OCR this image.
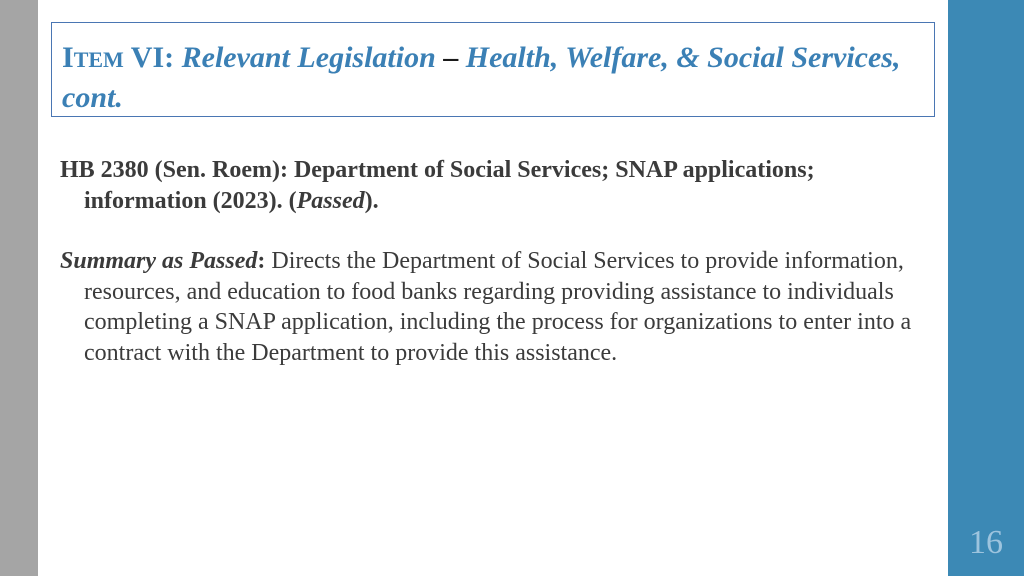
16
ITEM VI: Relevant Legislation – Health, Welfare, & Social Services, cont.

HB 2380 (Sen. Roem): Department of Social Services; SNAP applications; information (2023). (Passed).

Summary as Passed: Directs the Department of Social Services to provide information, resources, and education to food banks regarding providing assistance to individuals completing a SNAP application, including the process for organizations to enter into a contract with the Department to provide this assistance.
